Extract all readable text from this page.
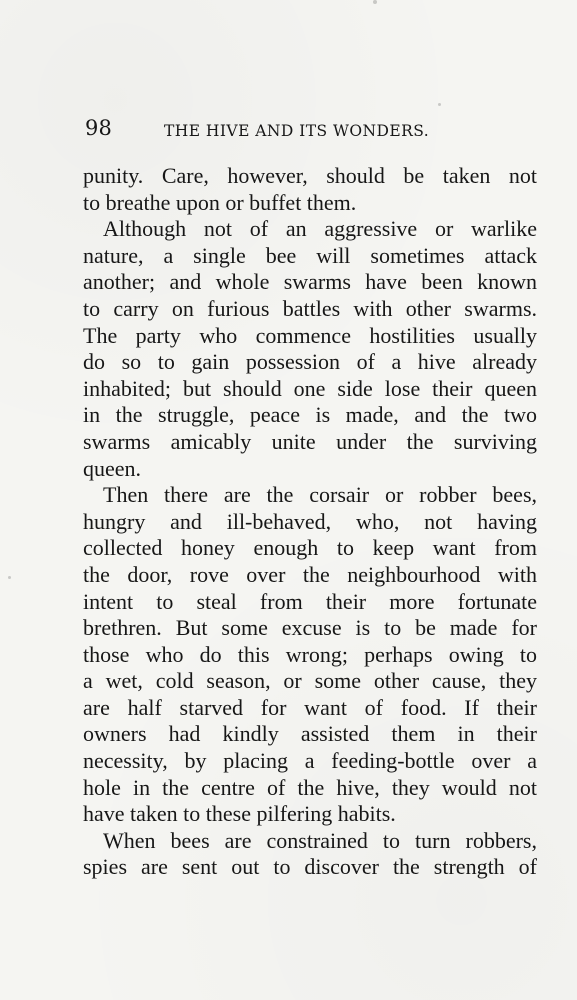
98	THE HIVE AND ITS WONDERS.
punity. Care, however, should be taken not
to breathe upon or buffet them.
Although not of an aggressive or warlike
nature, a single bee will sometimes attack
another; and whole swarms have been known
to carry on furious battles with other swarms.
The party who commence hostilities usually
do so to gain possession of a hive already
inhabited; but should one side lose their queen
in the struggle, peace is made, and the two
swarms amicably unite under the surviving
queen.
Then there are the corsair or robber bees,
hungry and ill-behaved, who, not having
collected honey enough to keep want from
the door, rove over the neighbourhood with
intent to steal from their more fortunate
brethren. But some excuse is to be made for
those who do this wrong; perhaps owing to
a wet, cold season, or some other cause, they
are half starved for want of food. If their
owners had kindly assisted them in their
necessity, by placing a feeding-bottle over a
hole in the centre of the hive, they would not
have taken to these pilfering habits.
When bees are constrained to turn robbers,
spies are sent out to discover the strength of
